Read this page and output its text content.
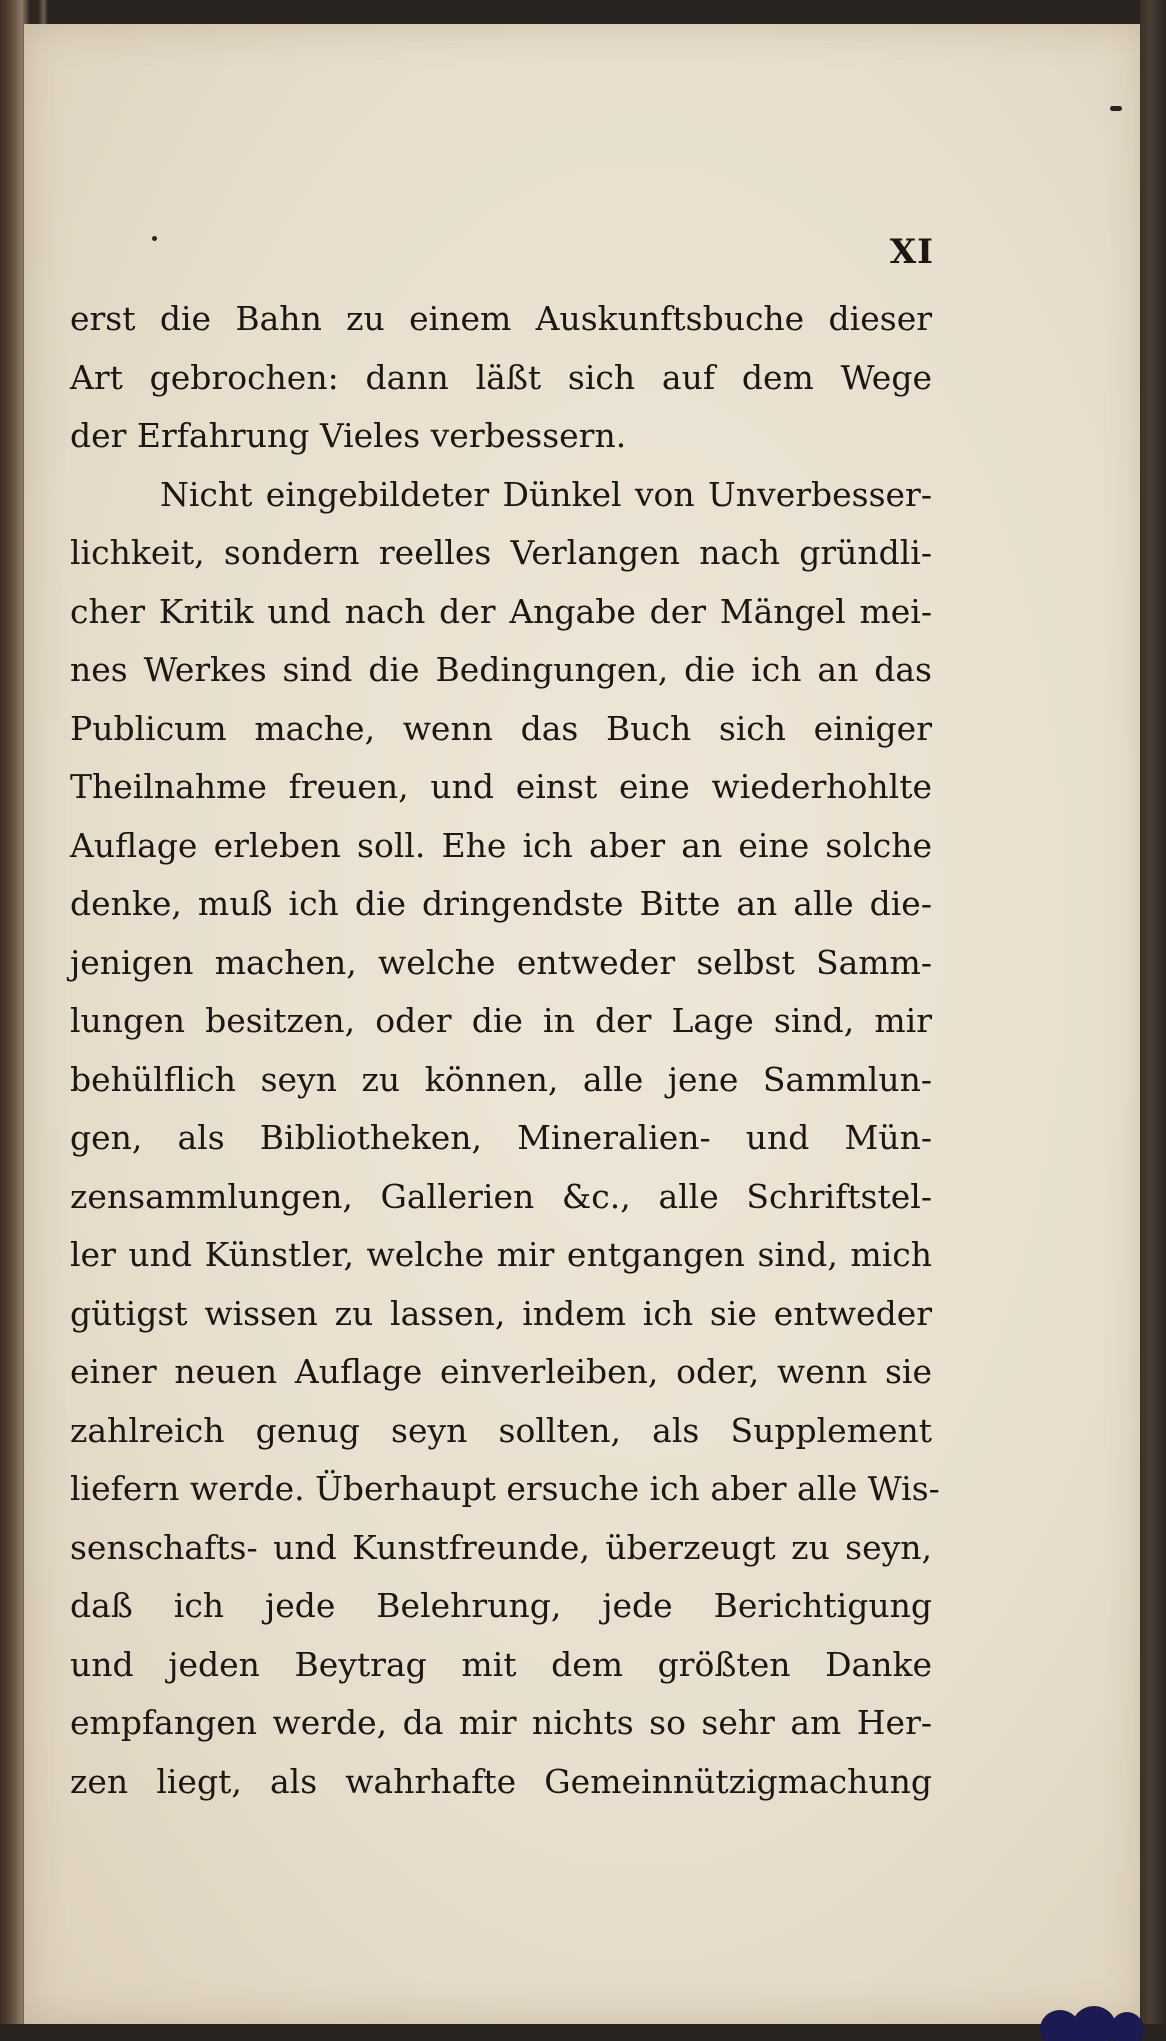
XI
erst die Bahn zu einem Auskunftsbuche dieser
Art gebrochen: dann läßt sich auf dem Wege
der Erfahrung Vieles verbessern.
Nicht eingebildeter Dünkel von Unverbesser-
lichkeit, sondern reelles Verlangen nach gründli-
cher Kritik und nach der Angabe der Mängel mei-
nes Werkes sind die Bedingungen, die ich an das
Publicum mache, wenn das Buch sich einiger
Theilnahme freuen, und einst eine wiederhohlte
Auflage erleben soll. Ehe ich aber an eine solche
denke, muß ich die dringendste Bitte an alle die-
jenigen machen, welche entweder selbst Samm-
lungen besitzen, oder die in der Lage sind, mir
behülflich seyn zu können, alle jene Sammlun-
gen, als Bibliotheken, Mineralien- und Mün-
zensammlungen, Gallerien &c., alle Schriftstel-
ler und Künstler, welche mir entgangen sind, mich
gütigst wissen zu lassen, indem ich sie entweder
einer neuen Auflage einverleiben, oder, wenn sie
zahlreich genug seyn sollten, als Supplement
liefern werde. Überhaupt ersuche ich aber alle Wis-
senschafts- und Kunstfreunde, überzeugt zu seyn,
daß ich jede Belehrung, jede Berichtigung
und jeden Beytrag mit dem größten Danke
empfangen werde, da mir nichts so sehr am Her-
zen liegt, als wahrhafte Gemeinnützigmachung
